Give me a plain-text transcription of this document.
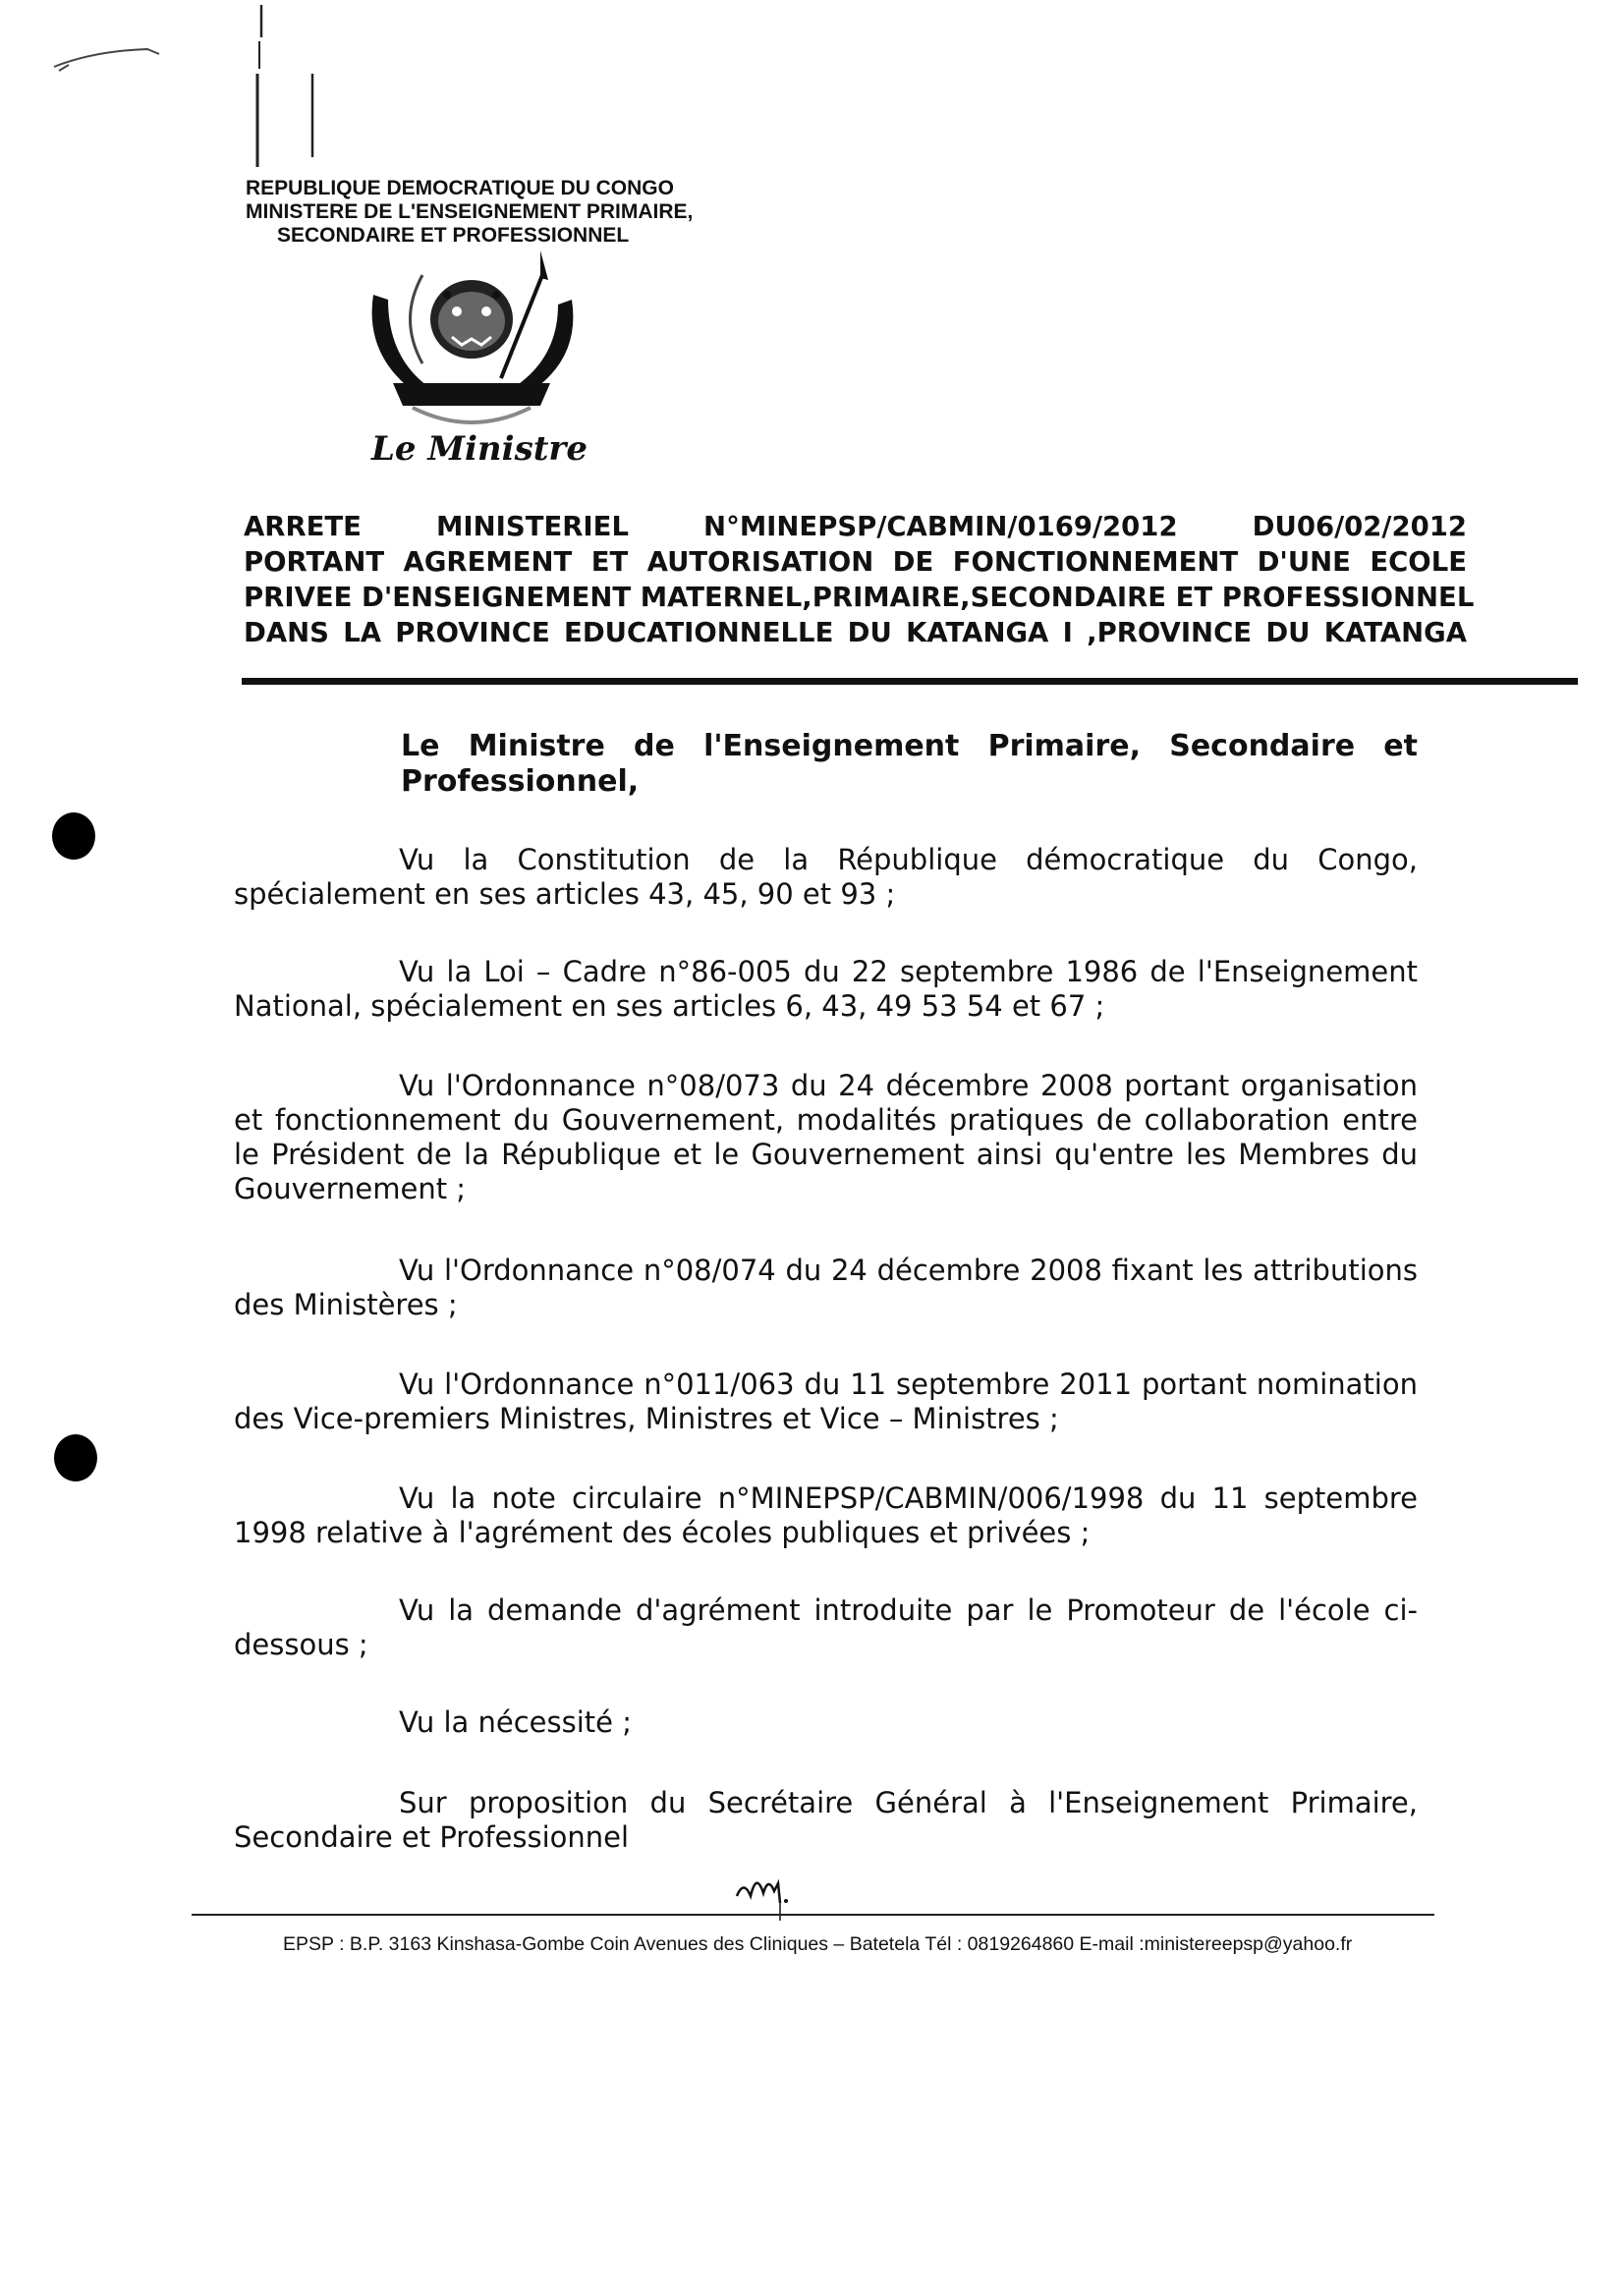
REPUBLIQUE DEMOCRATIQUE DU CONGO
MINISTERE DE L'ENSEIGNEMENT PRIMAIRE,
SECONDAIRE ET PROFESSIONNEL
Le Ministre
ARRETE MINISTERIEL N°MINEPSP/CABMIN/0169/2012 DU06/02/2012
PORTANT AGREMENT ET AUTORISATION DE FONCTIONNEMENT D'UNE ECOLE
PRIVEE D'ENSEIGNEMENT MATERNEL,PRIMAIRE,SECONDAIRE ET PROFESSIONNEL
DANS LA PROVINCE EDUCATIONNELLE DU KATANGA I ,PROVINCE DU KATANGA
Le Ministre de l'Enseignement Primaire, Secondaire et Professionnel,

Vu la Constitution de la République démocratique du Congo, spécialement en ses articles 43, 45, 90 et 93 ;

Vu la Loi – Cadre n°86-005 du 22 septembre 1986 de l'Enseignement National, spécialement en ses articles 6, 43, 49 53 54 et 67 ;

Vu l'Ordonnance n°08/073 du 24 décembre 2008 portant organisation et fonctionnement du Gouvernement, modalités pratiques de collaboration entre le Président de la République et le Gouvernement ainsi qu'entre les Membres du Gouvernement ;

Vu l'Ordonnance n°08/074 du 24 décembre 2008 fixant les attributions des Ministères ;

Vu l'Ordonnance n°011/063 du 11 septembre 2011 portant nomination des Vice-premiers Ministres, Ministres et Vice – Ministres ;

Vu la note circulaire n°MINEPSP/CABMIN/006/1998 du 11 septembre 1998 relative à l'agrément des écoles publiques et privées ;

Vu la demande d'agrément introduite par le Promoteur de l'école ci-dessous ;

Vu la nécessité ;

Sur proposition du Secrétaire Général à l'Enseignement Primaire, Secondaire et Professionnel

EPSP : B.P. 3163 Kinshasa-Gombe Coin Avenues des Cliniques – Batetela Tél : 0819264860 E-mail :ministereepsp@yahoo.fr
